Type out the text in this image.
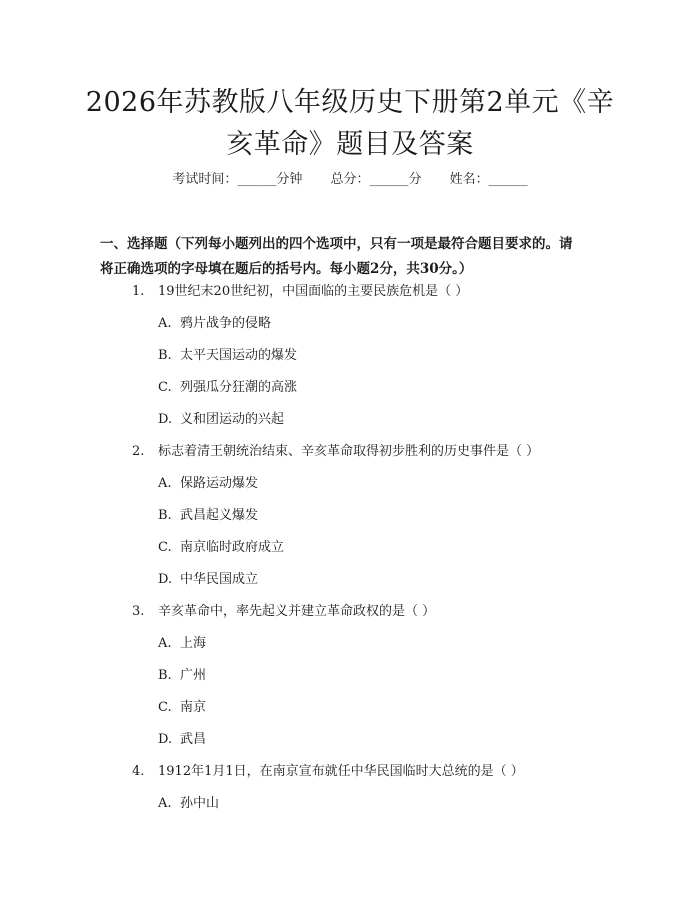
2026年苏教版八年级历史下册第2单元《辛
亥革命》题目及答案
考试时间：______分钟 总分：______分 姓名：______

一、选择题（下列每小题列出的四个选项中，只有一项是最符合题目要求的。请
将正确选项的字母填在题后的括号内。每小题2分，共30分。）

1. 19世纪末20世纪初，中国面临的主要民族危机是（ ）
A. 鸦片战争的侵略
B. 太平天国运动的爆发
C. 列强瓜分狂潮的高涨
D. 义和团运动的兴起
2. 标志着清王朝统治结束、辛亥革命取得初步胜利的历史事件是（ ）
A. 保路运动爆发
B. 武昌起义爆发
C. 南京临时政府成立
D. 中华民国成立
3. 辛亥革命中，率先起义并建立革命政权的是（ ）
A. 上海
B. 广州
C. 南京
D. 武昌
4. 1912年1月1日，在南京宣布就任中华民国临时大总统的是（ ）
A. 孙中山
